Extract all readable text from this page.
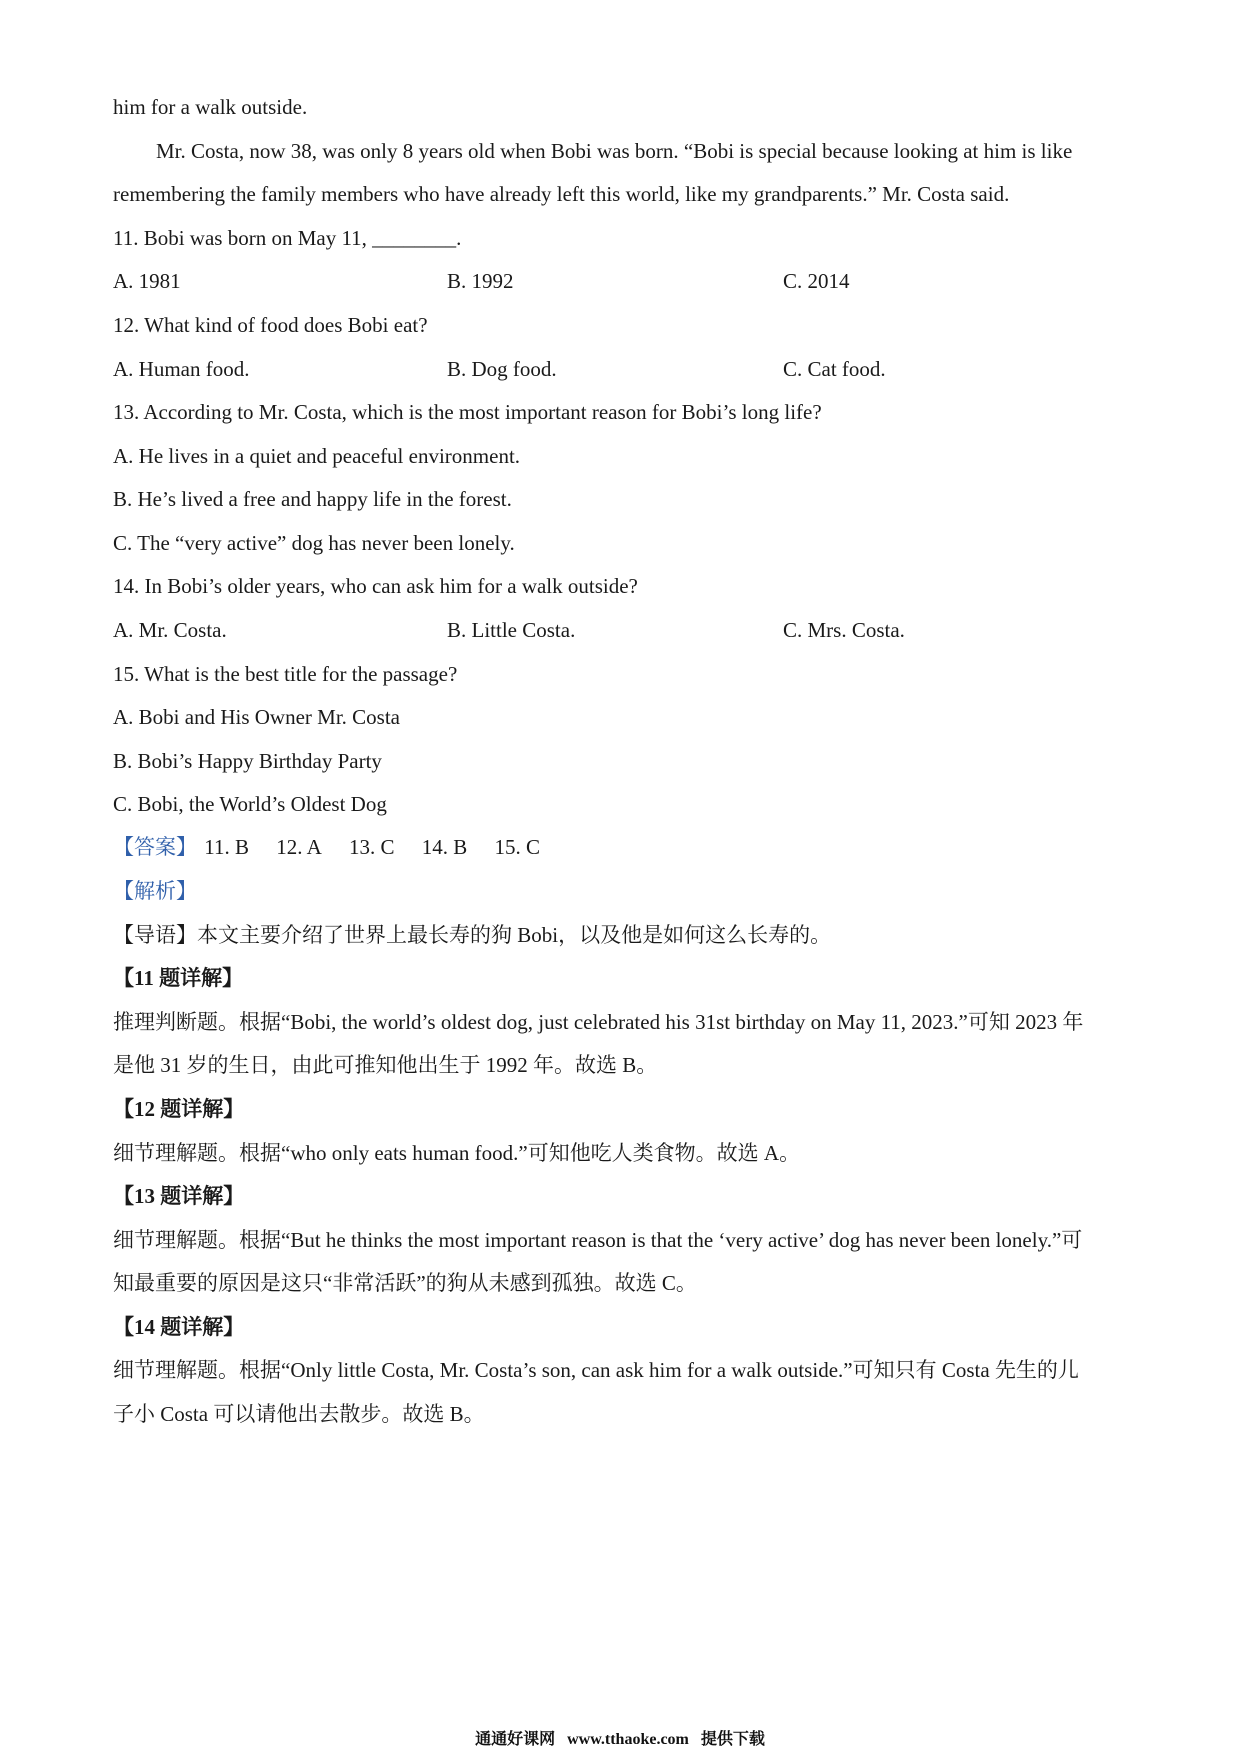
him for a walk outside.
Mr. Costa, now 38, was only 8 years old when Bobi was born. “Bobi is special because looking at him is like
remembering the family members who have already left this world, like my grandparents.” Mr. Costa said.
11. Bobi was born on May 11, ________.
A. 1981	B. 1992	C. 2014
12. What kind of food does Bobi eat?
A. Human food.	B. Dog food.	C. Cat food.
13. According to Mr. Costa, which is the most important reason for Bobi’s long life?
A. He lives in a quiet and peaceful environment.
B. He’s lived a free and happy life in the forest.
C. The “very active” dog has never been lonely.
14. In Bobi’s older years, who can ask him for a walk outside?
A. Mr. Costa.	B. Little Costa.	C. Mrs. Costa.
15. What is the best title for the passage?
A. Bobi and His Owner Mr. Costa
B. Bobi’s Happy Birthday Party
C. Bobi, the World’s Oldest Dog
【答案】 11. B 12. A 13. C 14. B 15. C
【解析】
【导语】本文主要介绍了世界上最长寿的狗 Bobi，以及他是如何这么长寿的。
【11 题详解】
推理判断题。根据“Bobi, the world’s oldest dog, just celebrated his 31st birthday on May 11, 2023.”可知 2023 年
是他 31 岁的生日，由此可推知他出生于 1992 年。故选 B。
【12 题详解】
细节理解题。根据“who only eats human food.”可知他吃人类食物。故选 A。
【13 题详解】
细节理解题。根据“But he thinks the most important reason is that the ‘very active’ dog has never been lonely.”可
知最重要的原因是这只“非常活跃”的狗从未感到孤独。故选 C。
【14 题详解】
细节理解题。根据“Only little Costa, Mr. Costa’s son, can ask him for a walk outside.”可知只有 Costa 先生的儿
子小 Costa 可以请他出去散步。故选 B。
通通好课网 www.tthaoke.com 提供下载
